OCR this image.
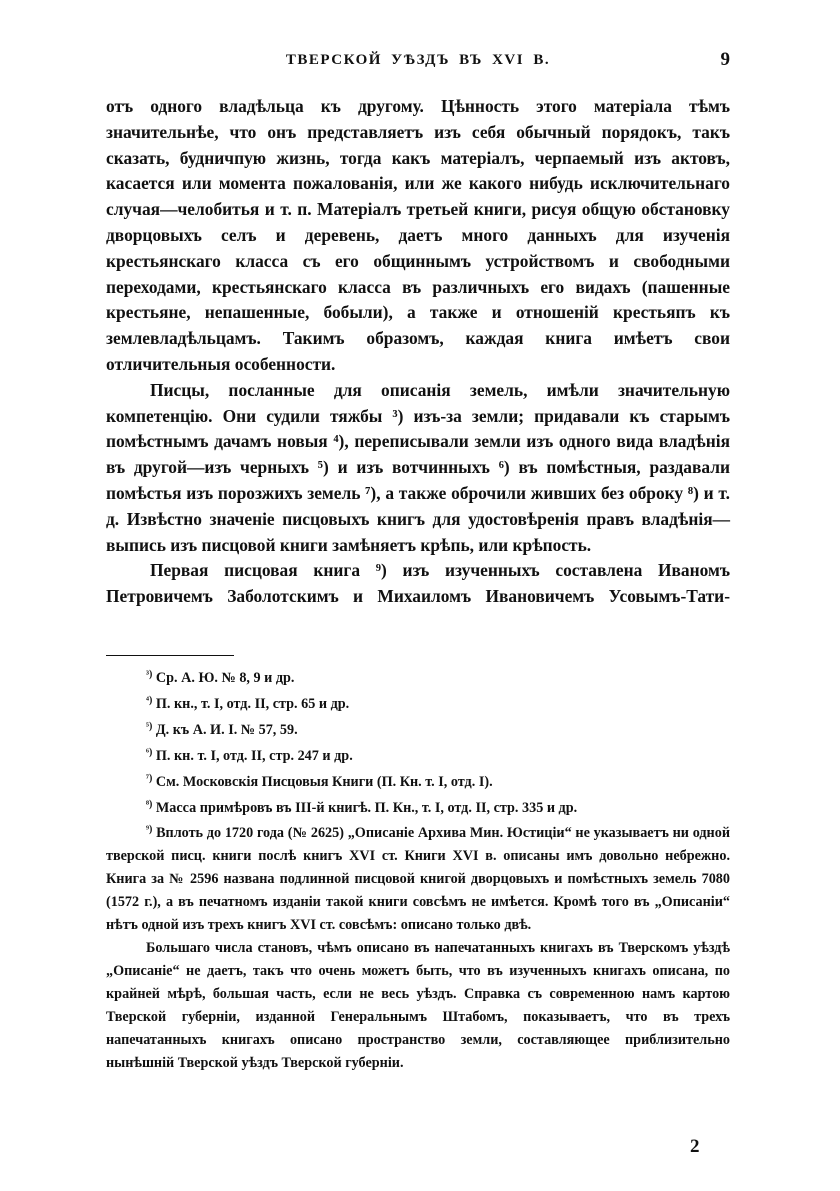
ТВЕРСКОЙ УѢЗДЪ ВЪ XVI В.	9

отъ одного владѣльца къ другому. Цѣнность этого матеріала тѣмъ значительнѣе, что онъ представляетъ изъ себя обычный порядокъ, такъ сказать, будничпую жизнь, тогда какъ матеріалъ, черпаемый изъ актовъ, касается или момента пожалованія, или же какого нибудь исключительнаго случая—челобитья и т. п. Матеріалъ третьей книги, рисуя общую обстановку дворцовыхъ селъ и деревень, даетъ много данныхъ для изученія крестьянскаго класса съ его общиннымъ устройствомъ и свободными переходами, крестьянскаго класса въ различныхъ его видахъ (пашенные крестьяне, непашенные, бобыли), а также и отношеній крестьяпъ къ землевладѣльцамъ. Такимъ образомъ, каждая книга имѣетъ свои отличительныя особенности.

Писцы, посланные для описанія земель, имѣли значительную компетенцію. Они судили тяжбы ³) изъ-за земли; придавали къ старымъ помѣстнымъ дачамъ новыя ⁴), переписывали земли изъ одного вида владѣнія въ другой—изъ черныхъ ⁵) и изъ вотчинныхъ ⁶) въ помѣстныя, раздавали помѣстья изъ порозжихъ земель ⁷), а также оброчили живших без оброку ⁸) и т. д. Извѣстно значеніе писцовыхъ книгъ для удостовѣренія правъ владѣнія—выпись изъ писцовой книги замѣняетъ крѣпь, или крѣпость.

Первая писцовая книга ⁹) изъ изученныхъ составлена Иваномъ Петровичемъ Заболотскимъ и Михаиломъ Ивановичемъ Усовымъ-Тати-

$^{^3)}$ Ср. А. Ю. № 8, 9 и др.

$^{^4)}$ П. кн., т. I, отд. II, стр. 65 и др.

$^{^5)}$ Д. къ А. И. I. № 57, 59.

$^{^6)}$ П. кн. т. I, отд. II, стр. 247 и др.

$^{^7)}$ См. Московскія Писцовыя Книги (П. Кн. т. I, отд. I).

$^{^8)}$ Масса примѣровъ въ III-й книгѣ. П. Кн., т. I, отд. II, стр. 335 и др.

$^{^9)}$ Вплоть до 1720 года (№ 2625) „Описаніе Архива Мин. Юстиціи“ не указываетъ ни одной тверской писц. книги послѣ книгъ XVI ст. Книги XVI в. описаны имъ довольно небрежно. Книга за № 2596 названа подлинной писцовой книгой дворцовыхъ и помѣстныхъ земель 7080 (1572 г.), а въ печатномъ изданіи такой книги совсѣмъ не имѣется. Кромѣ того въ „Описаніи“ нѣтъ одной изъ трехъ книгъ XVI ст. совсѣмъ: описано только двѣ.

Большаго числа становъ, чѣмъ описано въ напечатанныхъ книгахъ въ Тверскомъ уѣздѣ „Описаніе“ не даетъ, такъ что очень можетъ быть, что въ изученныхъ книгахъ описана, по крайней мѣрѣ, большая часть, если не весь уѣздъ. Справка съ современною намъ картою Тверской губерніи, изданной Генеральнымъ Штабомъ, показываетъ, что въ трехъ напечатанныхъ книгахъ описано пространство земли, составляющее приблизительно нынѣшній Тверской уѣздъ Тверской губерніи.

2
